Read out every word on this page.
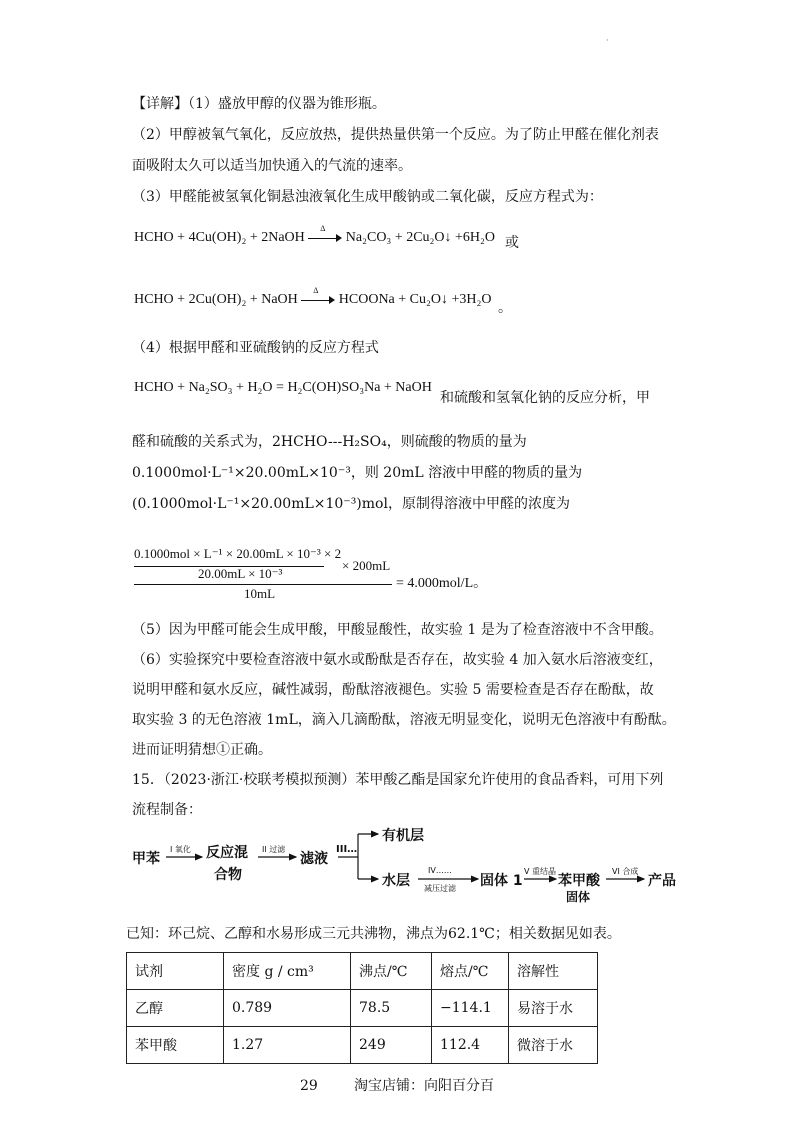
·
【详解】（1）盛放甲醇的仪器为锥形瓶。
（2）甲醇被氧气氧化，反应放热，提供热量供第一个反应。为了防止甲醛在催化剂表
面吸附太久可以适当加快通入的气流的速率。
（3）甲醛能被氢氧化铜悬浊液氧化生成甲酸钠或二氧化碳，反应方程式为：
HCHO + 4Cu(OH)₂ + 2NaOH
Δ
Na₂CO₃ + 2Cu₂O↓ +6H₂O 或
HCHO + 2Cu(OH)₂ + NaOH
Δ
HCOONa + Cu₂O↓ +3H₂O
。
（4）根据甲醛和亚硫酸钠的反应方程式
HCHO + Na₂SO₃ + H₂O = H₂C(OH)SO₃Na + NaOH
和硫酸和氢氧化钠的反应分析，甲
醛和硫酸的关系式为，2HCHO---H₂SO₄，则硫酸的物质的量为
0.1000mol·L⁻¹×20.00mL×10⁻³，则 20mL 溶液中甲醛的物质的量为
(0.1000mol·L⁻¹×20.00mL×10⁻³)mol，原制得溶液中甲醛的浓度为
0.1000mol × L⁻¹ × 20.00mL × 10⁻³ × 2
20.00mL × 10⁻³
× 200mL
10mL
= 4.000mol/L。
（5）因为甲醛可能会生成甲酸，甲酸显酸性，故实验 1 是为了检查溶液中不含甲酸。
（6）实验探究中要检查溶液中氨水或酚酞是否存在，故实验 4 加入氨水后溶液变红，
说明甲醛和氨水反应，碱性减弱，酚酞溶液褪色。实验 5 需要检查是否存在酚酞，故
取实验 3 的无色溶液 1mL，滴入几滴酚酞，溶液无明显变化，说明无色溶液中有酚酞。
进而证明猜想①正确。
15．（2023·浙江·校联考模拟预测）苯甲酸乙酯是国家允许使用的食品香料，可用下列
流程制备：
甲苯	反应混
合物
滤液
有机层
水层	固体 1	苯甲酸
固体
产品
I 氧化	II 过滤	III…
IV……
减压过滤
V 重结晶	VI 合成
已知：环己烷、乙醇和水易形成三元共沸物，沸点为62.1℃；相关数据见如表。
试剂	密度 g / cm³	沸点/℃	熔点/℃	溶解性
乙醇	0.789	78.5	−114.1	易溶于水
苯甲酸	1.27	249	112.4	微溶于水
29	淘宝店铺：向阳百分百
